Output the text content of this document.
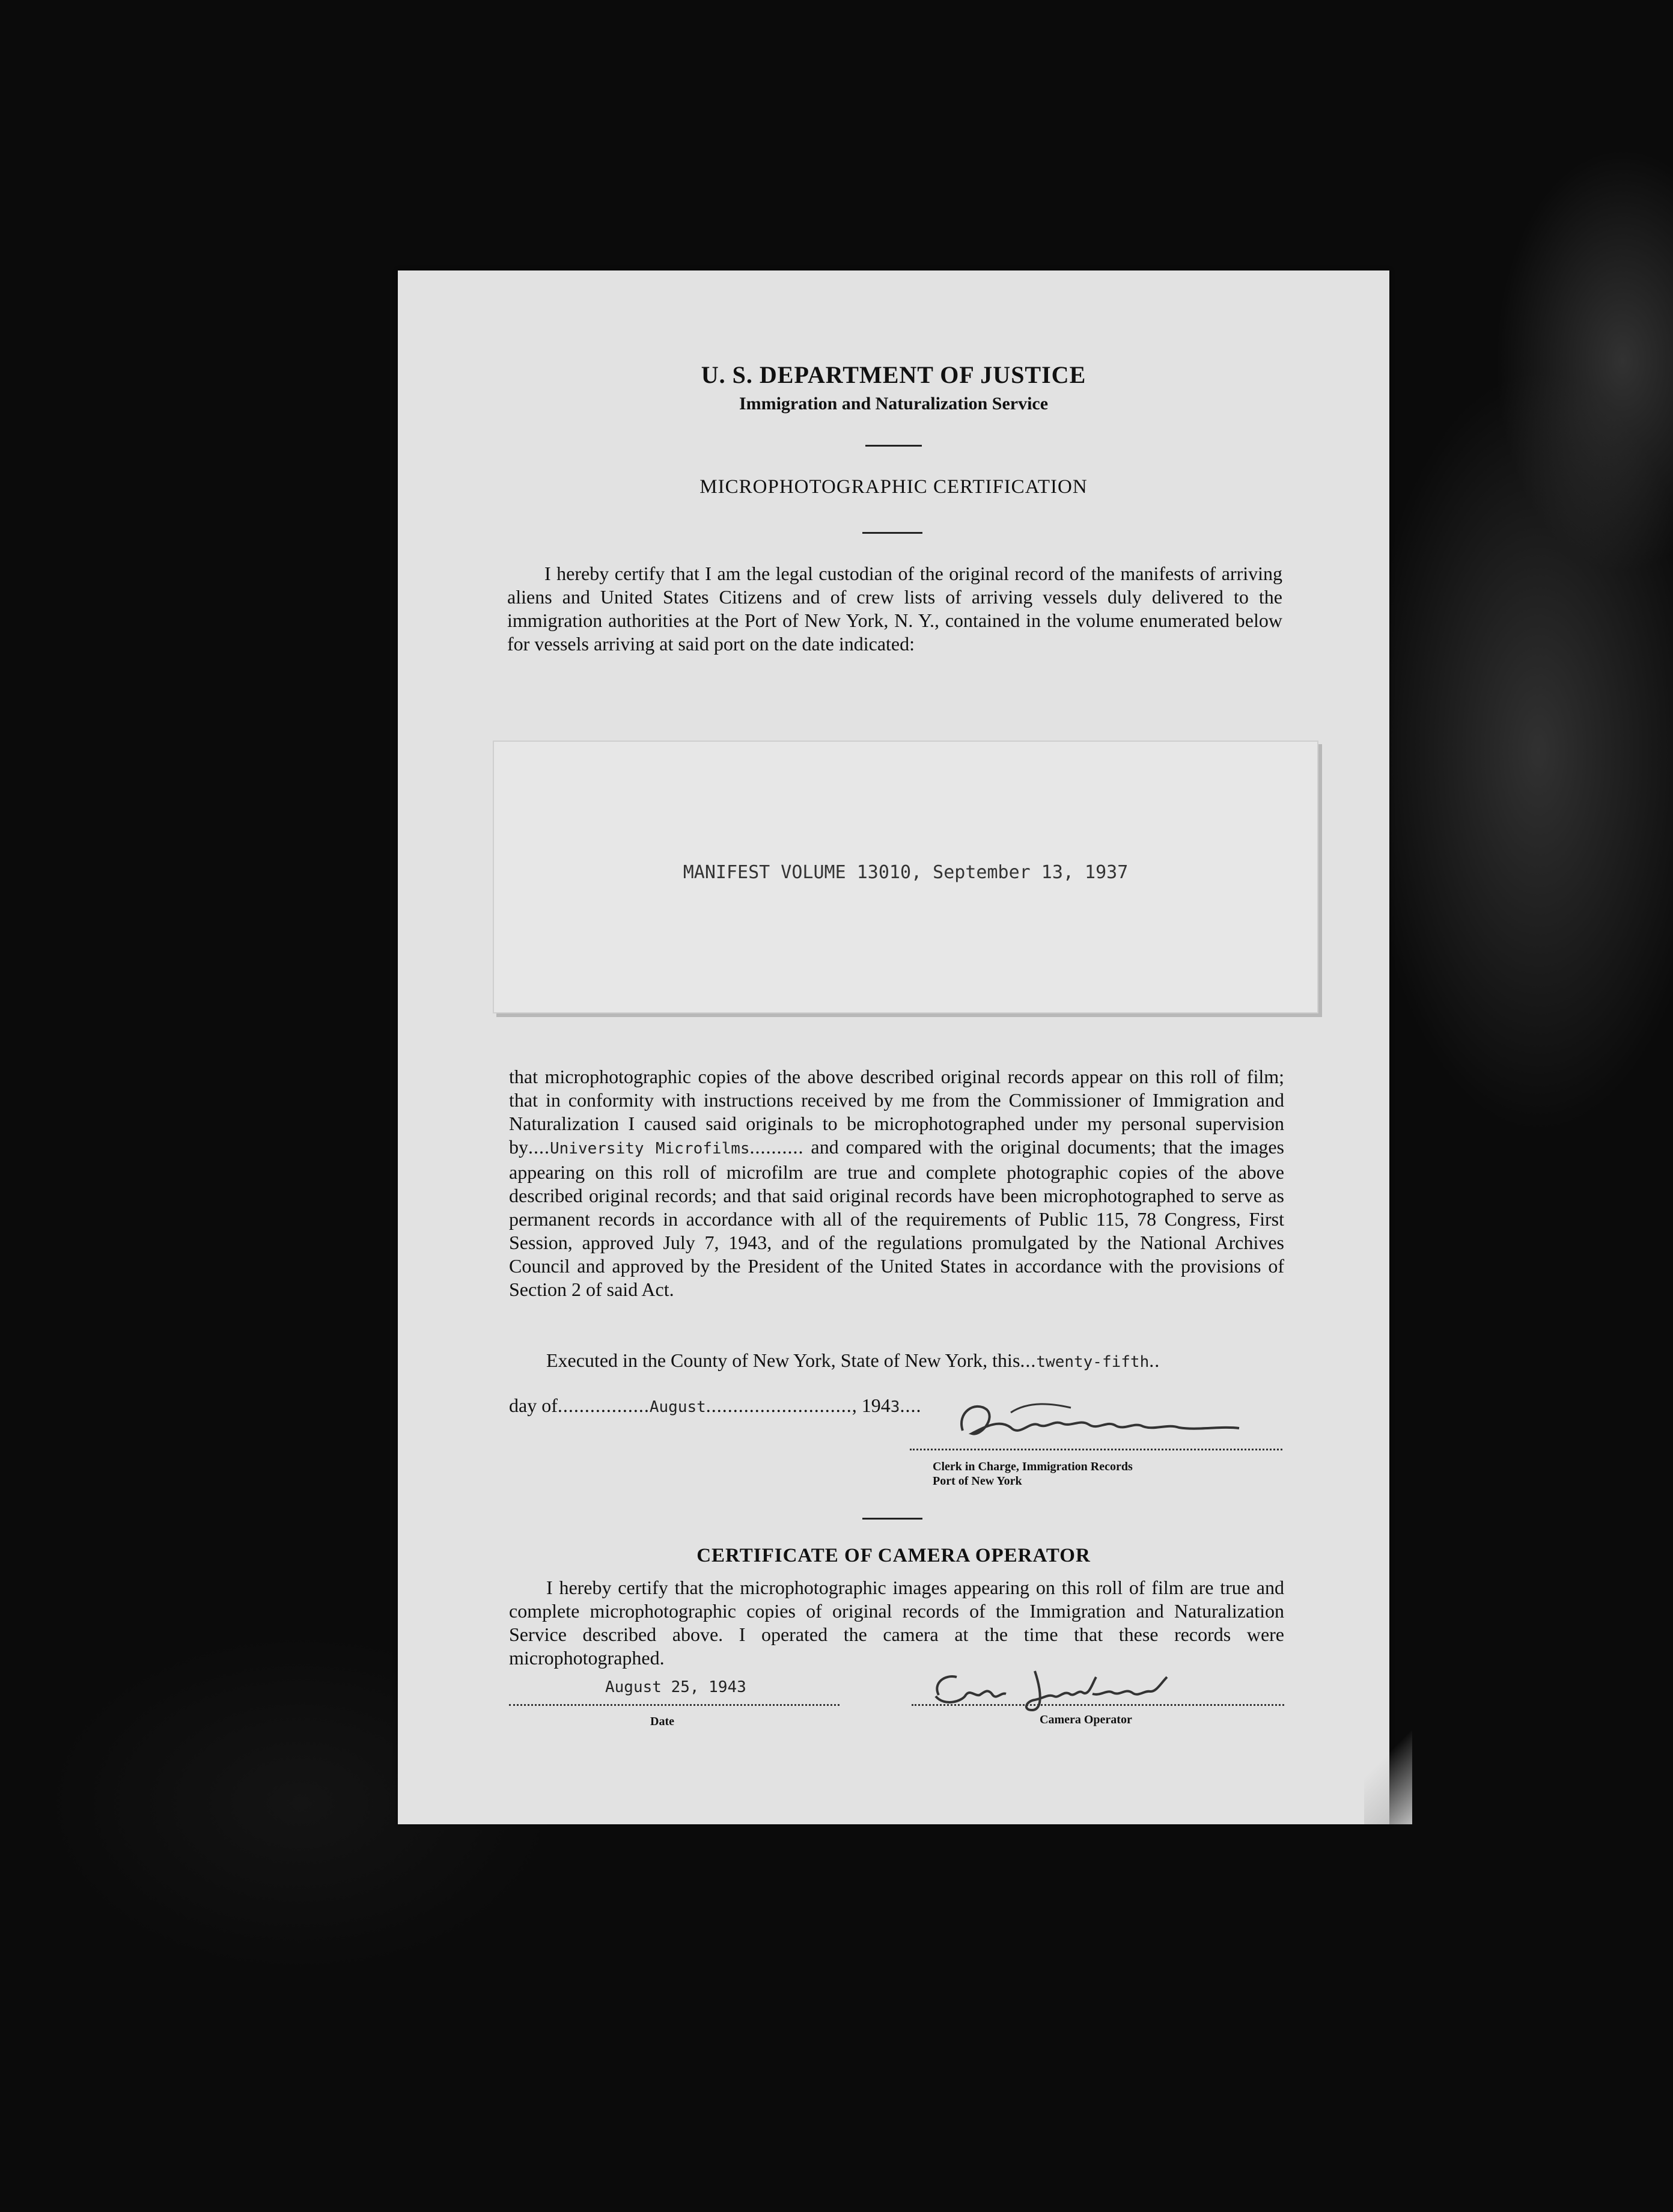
U. S. DEPARTMENT OF JUSTICE
Immigration and Naturalization Service
MICROPHOTOGRAPHIC CERTIFICATION
I hereby certify that I am the legal custodian of the original record of the manifests of arriving aliens and United States Citizens and of crew lists of arriving vessels duly delivered to the immigration authorities at the Port of New York, N. Y., contained in the volume enumerated below for vessels arriving at said port on the date indicated:
MANIFEST VOLUME 13010, September 13, 1937
that microphotographic copies of the above described original records appear on this roll of film; that in conformity with instructions received by me from the Commissioner of Immigration and Naturalization I caused said originals to be microphotographed under my personal supervision by....University Microfilms.......... and compared with the original documents; that the images appearing on this roll of microfilm are true and complete photographic copies of the above described original records; and that said original records have been microphotographed to serve as permanent records in accordance with all of the requirements of Public 115, 78 Congress, First Session, approved July 7, 1943, and of the regulations promulgated by the National Archives Council and approved by the President of the United States in accordance with the provisions of Section 2 of said Act.
Executed in the County of New York, State of New York, this...twenty-fifth..
day of.................August..........................., 1943....
Clerk in Charge, Immigration Records
Port of New York
CERTIFICATE OF CAMERA OPERATOR
I hereby certify that the microphotographic images appearing on this roll of film are true and complete microphotographic copies of original records of the Immigration and Naturalization Service described above. I operated the camera at the time that these records were microphotographed.
August 25, 1943
Date	Camera Operator
